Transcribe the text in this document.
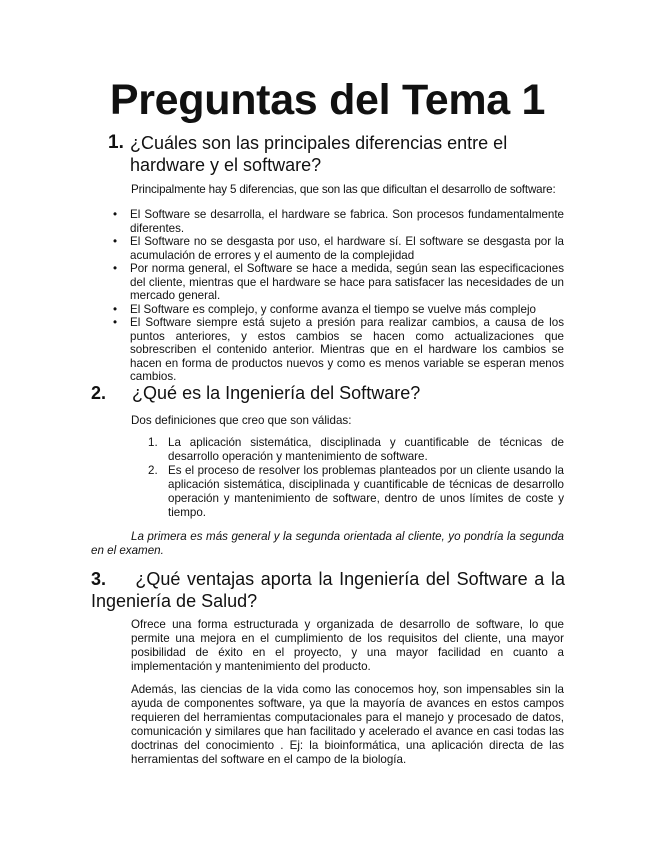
Preguntas del Tema 1
1. ¿Cuáles son las principales diferencias entre el hardware y el software?
Principalmente hay 5 diferencias, que son las que dificultan el desarrollo de software:
• El Software se desarrolla, el hardware se fabrica. Son procesos fundamentalmente diferentes.
• El Software no se desgasta por uso, el hardware sí. El software se desgasta por la acumulación de errores y el aumento de la complejidad
• Por norma general, el Software se hace a medida, según sean las especificaciones del cliente, mientras que el hardware se hace para satisfacer las necesidades de un mercado general.
• El Software es complejo, y conforme avanza el tiempo se vuelve más complejo
• El Software siempre está sujeto a presión para realizar cambios, a causa de los puntos anteriores, y estos cambios se hacen como actualizaciones que sobrescriben el contenido anterior. Mientras que en el hardware los cambios se hacen en forma de productos nuevos y como es menos variable se esperan menos cambios.
2. ¿Qué es la Ingeniería del Software?
Dos definiciones que creo que son válidas:
1. La aplicación sistemática, disciplinada y cuantificable de técnicas de desarrollo operación y mantenimiento de software.
2. Es el proceso de resolver los problemas planteados por un cliente usando la aplicación sistemática, disciplinada y cuantificable de técnicas de desarrollo operación y mantenimiento de software, dentro de unos límites de coste y tiempo.
La primera es más general y la segunda orientada al cliente, yo pondría la segunda en el examen.
3. ¿Qué ventajas aporta la Ingeniería del Software a la Ingeniería de Salud?
Ofrece una forma estructurada y organizada de desarrollo de software, lo que permite una mejora en el cumplimiento de los requisitos del cliente, una mayor posibilidad de éxito en el proyecto, y una mayor facilidad en cuanto a implementación y mantenimiento del producto.
Además, las ciencias de la vida como las conocemos hoy, son impensables sin la ayuda de componentes software, ya que la mayoría de avances en estos campos requieren del herramientas computacionales para el manejo y procesado de datos, comunicación y similares que han facilitado y acelerado el avance en casi todas las doctrinas del conocimiento . Ej: la bioinformática, una aplicación directa de las herramientas del software en el campo de la biología.
